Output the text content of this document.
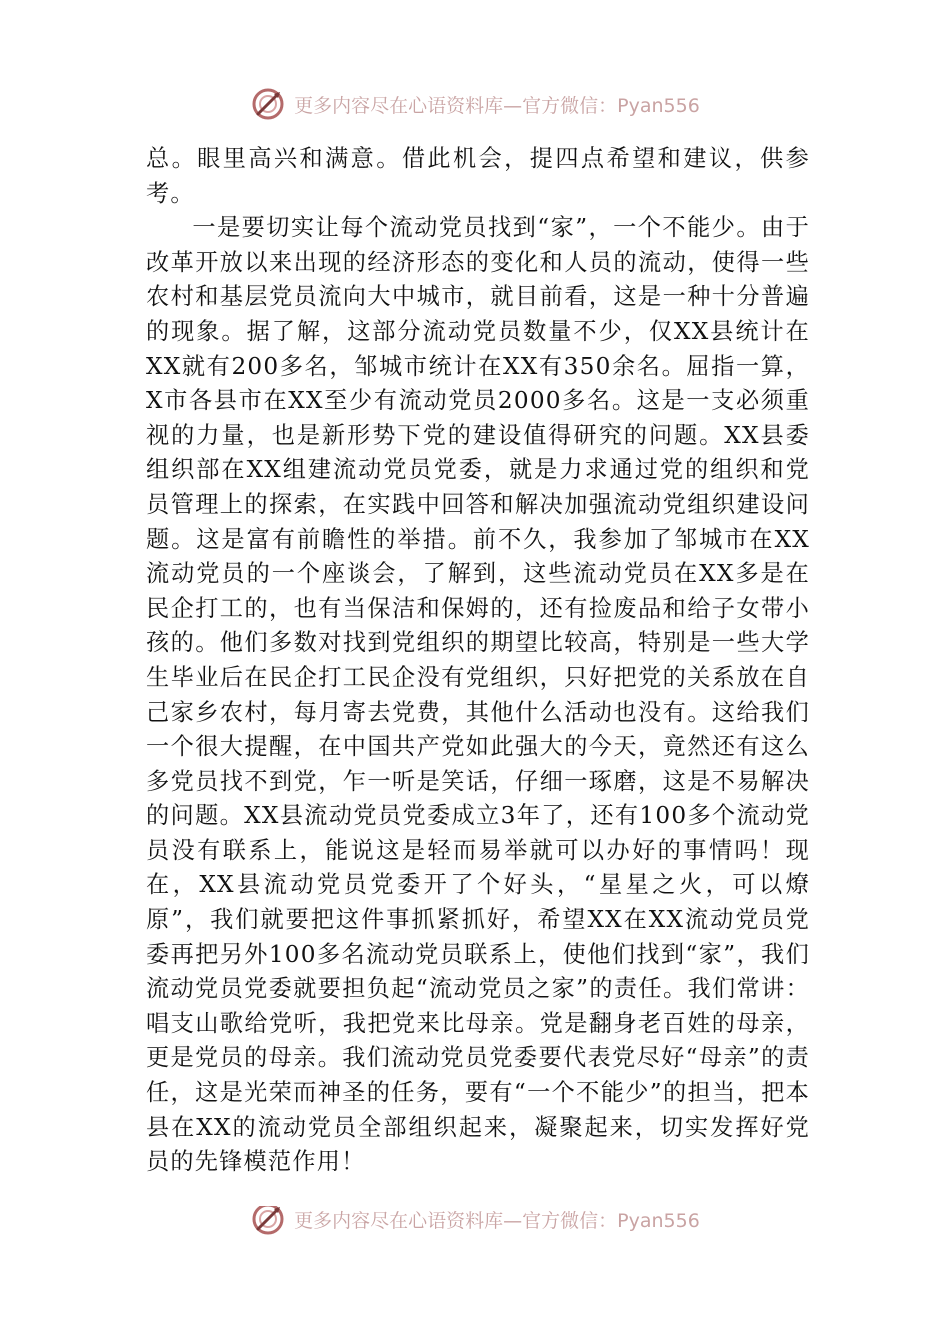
更多内容尽在心语资料库—官方微信：Pyan556

总。眼里高兴和满意。借此机会，提四点希望和建议，供参考。

一是要切实让每个流动党员找到“家”，一个不能少。由于改革开放以来出现的经济形态的变化和人员的流动，使得一些农村和基层党员流向大中城市，就目前看，这是一种十分普遍的现象。据了解，这部分流动党员数量不少，仅XX县统计在XX就有200多名，邹城市统计在XX有350余名。屈指一算，X市各县市在XX至少有流动党员2000多名。这是一支必须重视的力量，也是新形势下党的建设值得研究的问题。XX县委组织部在XX组建流动党员党委，就是力求通过党的组织和党员管理上的探索，在实践中回答和解决加强流动党组织建设问题。这是富有前瞻性的举措。前不久，我参加了邹城市在XX流动党员的一个座谈会，了解到，这些流动党员在XX多是在民企打工的，也有当保洁和保姆的，还有捡废品和给子女带小孩的。他们多数对找到党组织的期望比较高，特别是一些大学生毕业后在民企打工民企没有党组织，只好把党的关系放在自己家乡农村，每月寄去党费，其他什么活动也没有。这给我们一个很大提醒，在中国共产党如此强大的今天，竟然还有这么多党员找不到党，乍一听是笑话，仔细一琢磨，这是不易解决的问题。XX县流动党员党委成立3年了，还有100多个流动党员没有联系上，能说这是轻而易举就可以办好的事情吗！现在，XX县流动党员党委开了个好头，“星星之火，可以燎原”，我们就要把这件事抓紧抓好，希望XX在XX流动党员党委再把另外100多名流动党员联系上，使他们找到“家”，我们流动党员党委就要担负起“流动党员之家”的责任。我们常讲：唱支山歌给党听，我把党来比母亲。党是翻身老百姓的母亲，更是党员的母亲。我们流动党员党委要代表党尽好“母亲”的责任，这是光荣而神圣的任务，要有“一个不能少”的担当，把本县在XX的流动党员全部组织起来，凝聚起来，切实发挥好党员的先锋模范作用！

更多内容尽在心语资料库—官方微信：Pyan556
